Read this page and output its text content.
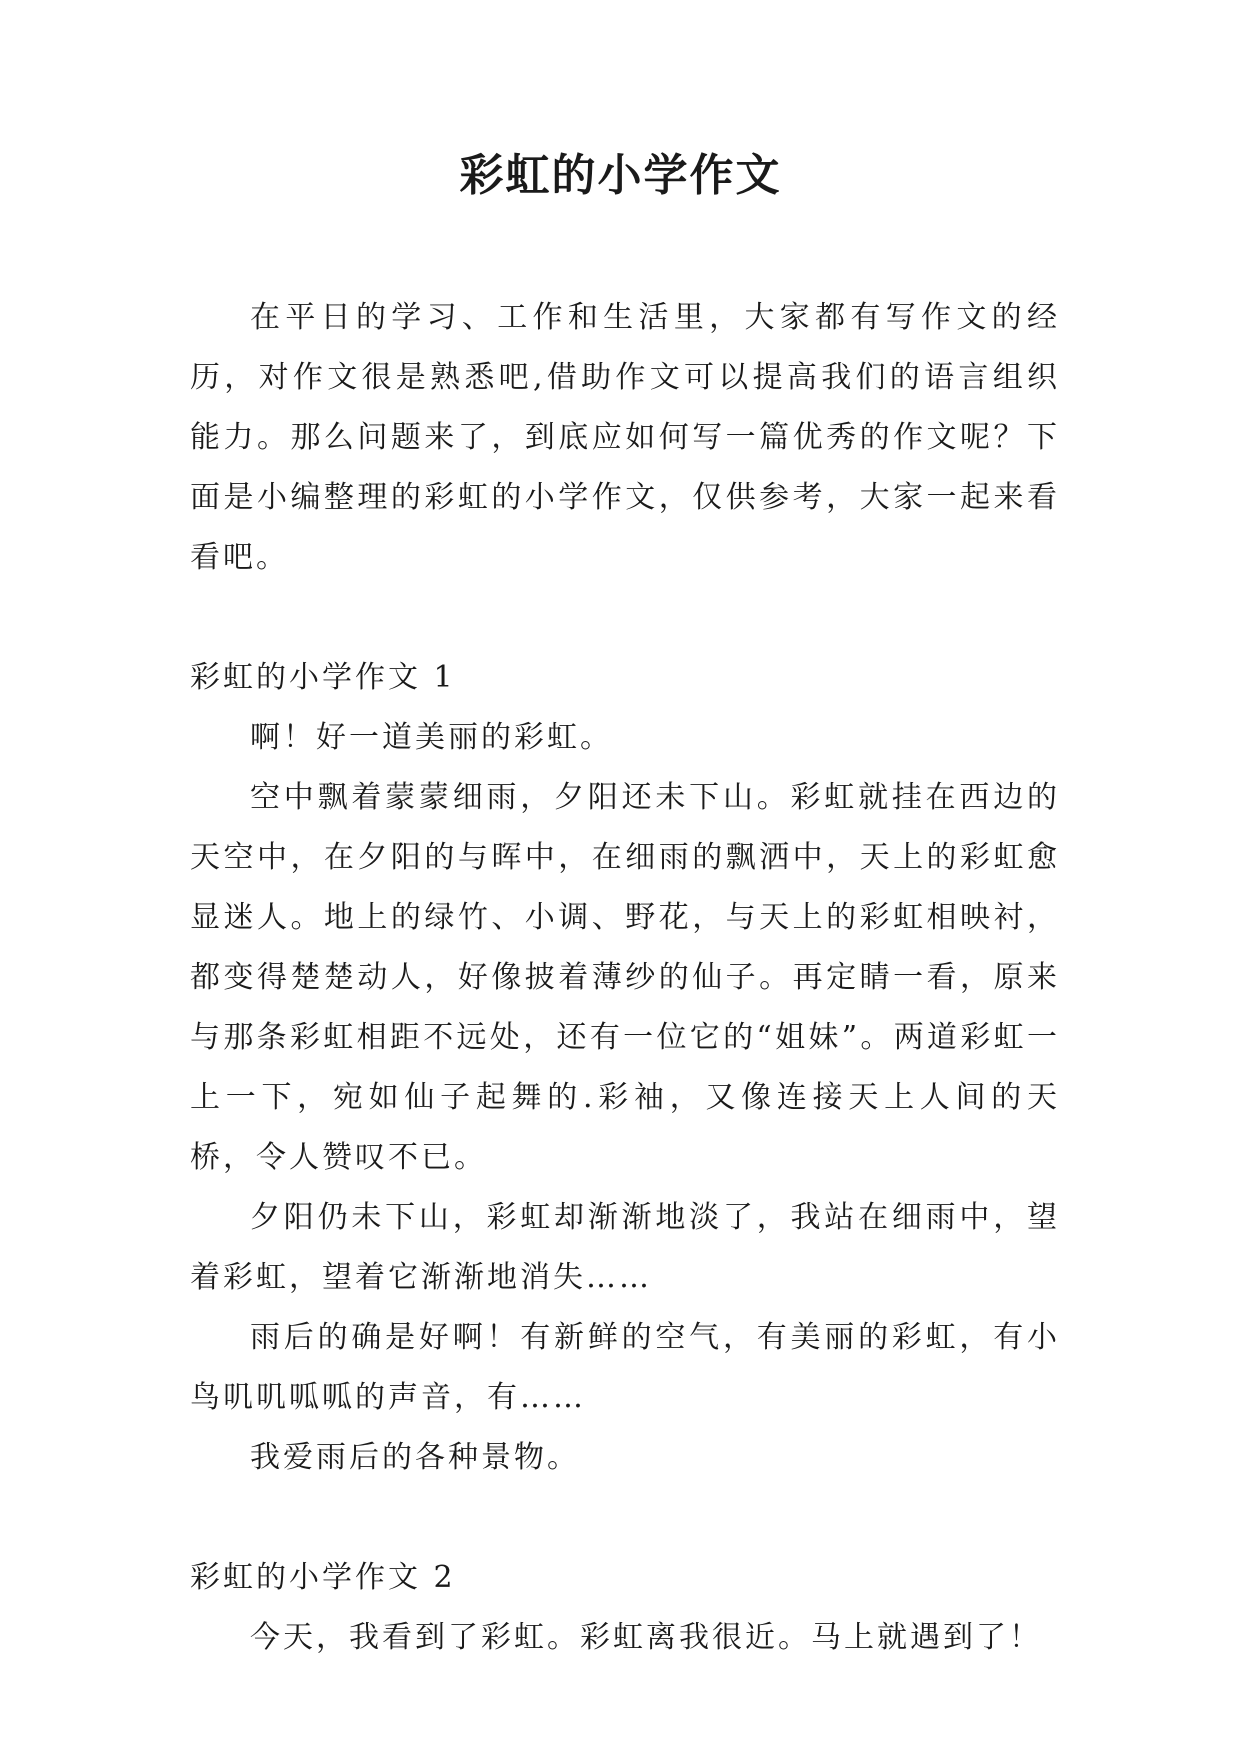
彩虹的小学作文

在平日的学习、工作和生活里，大家都有写作文的经历，对作文很是熟悉吧,借助作文可以提高我们的语言组织能力。那么问题来了，到底应如何写一篇优秀的作文呢？下面是小编整理的彩虹的小学作文，仅供参考，大家一起来看看吧。

彩虹的小学作文 1

啊！好一道美丽的彩虹。

空中飘着蒙蒙细雨，夕阳还未下山。彩虹就挂在西边的天空中，在夕阳的与晖中，在细雨的飘洒中，天上的彩虹愈显迷人。地上的绿竹、小调、野花，与天上的彩虹相映衬，都变得楚楚动人，好像披着薄纱的仙子。再定睛一看，原来与那条彩虹相距不远处，还有一位它的“姐妹”。两道彩虹一上一下，宛如仙子起舞的.彩袖，又像连接天上人间的天桥，令人赞叹不已。

夕阳仍未下山，彩虹却渐渐地淡了，我站在细雨中，望着彩虹，望着它渐渐地消失……

雨后的确是好啊！有新鲜的空气，有美丽的彩虹，有小鸟叽叽呱呱的声音，有……

我爱雨后的各种景物。

彩虹的小学作文 2

今天，我看到了彩虹。彩虹离我很近。马上就遇到了！
